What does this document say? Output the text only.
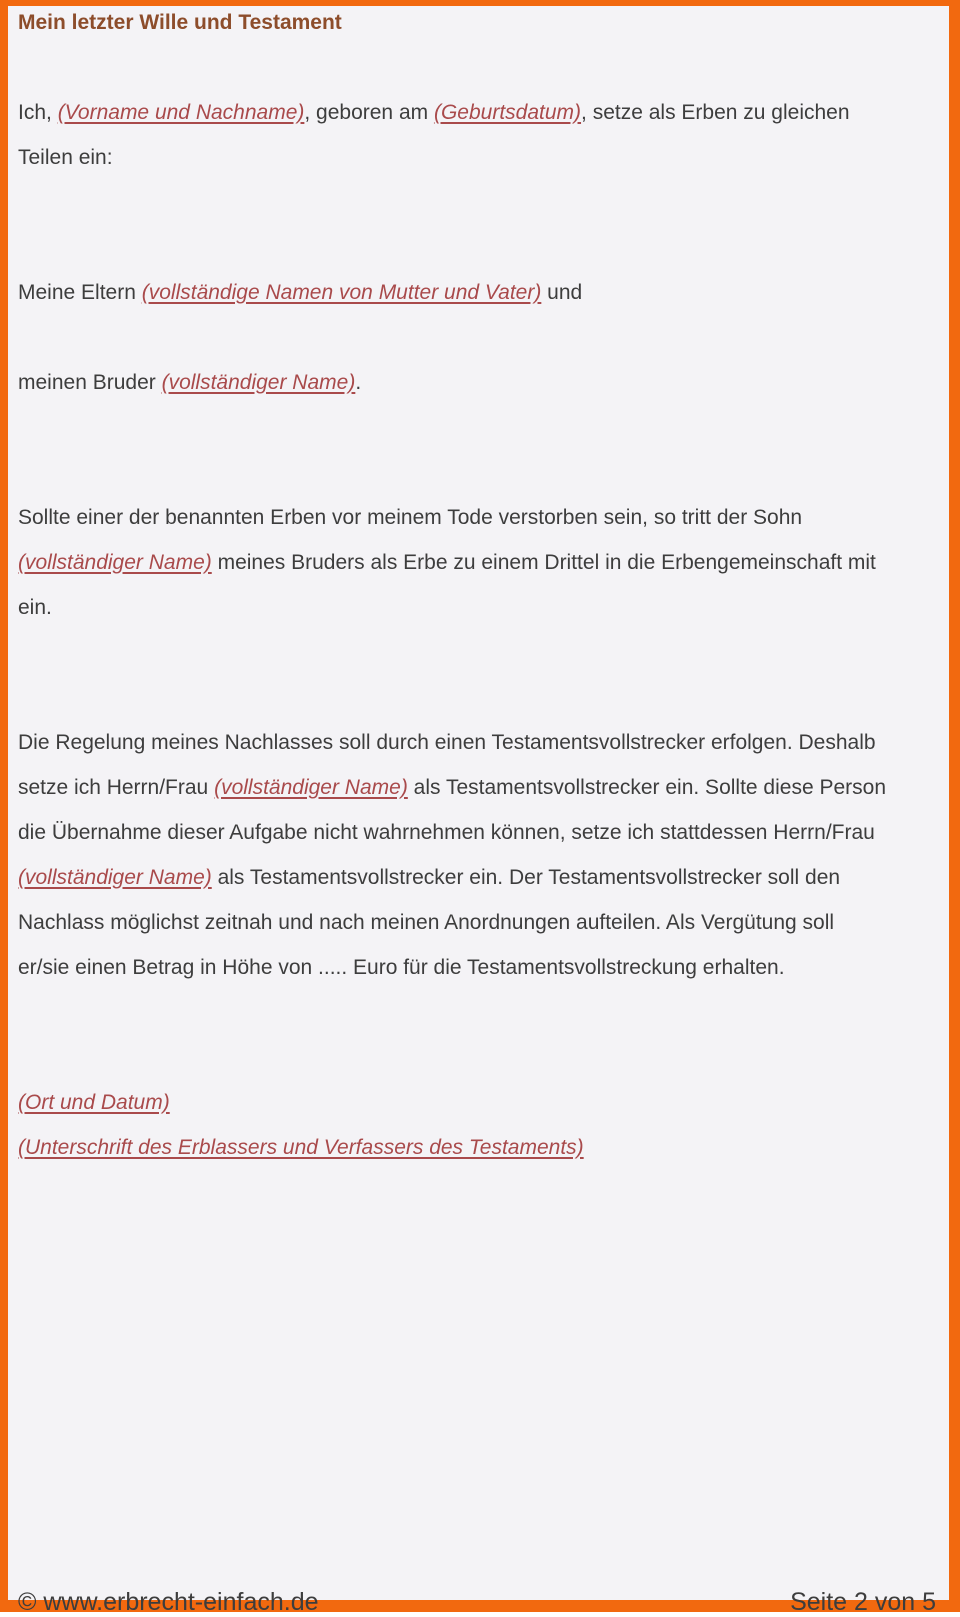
Mein letzter Wille und Testament
Ich, (Vorname und Nachname) , geboren am (Geburtsdatum) , setze als Erben zu gleichen
Teilen ein:
Meine Eltern (vollständige Namen von Mutter und Vater) und
meinen Bruder (vollständiger Name) .
Sollte einer der benannten Erben vor meinem Tode verstorben sein, so tritt der Sohn
(vollständiger Name) meines Bruders als Erbe zu einem Drittel in die Erbengemeinschaft mit
ein.
Die Regelung meines Nachlasses soll durch einen Testamentsvollstrecker erfolgen. Deshalb
setze ich Herrn/Frau (vollständiger Name) als Testamentsvollstrecker ein. Sollte diese Person
die Übernahme dieser Aufgabe nicht wahrnehmen können, setze ich stattdessen Herrn/Frau
(vollständiger Name) als Testamentsvollstrecker ein. Der Testamentsvollstrecker soll den
Nachlass möglichst zeitnah und nach meinen Anordnungen aufteilen. Als Vergütung soll
er/sie einen Betrag in Höhe von ..... Euro für die Testamentsvollstreckung erhalten.
(Ort und Datum)
(Unterschrift des Erblassers und Verfassers des Testaments)
© www.erbrecht-einfach.de	Seite 2 von 5
